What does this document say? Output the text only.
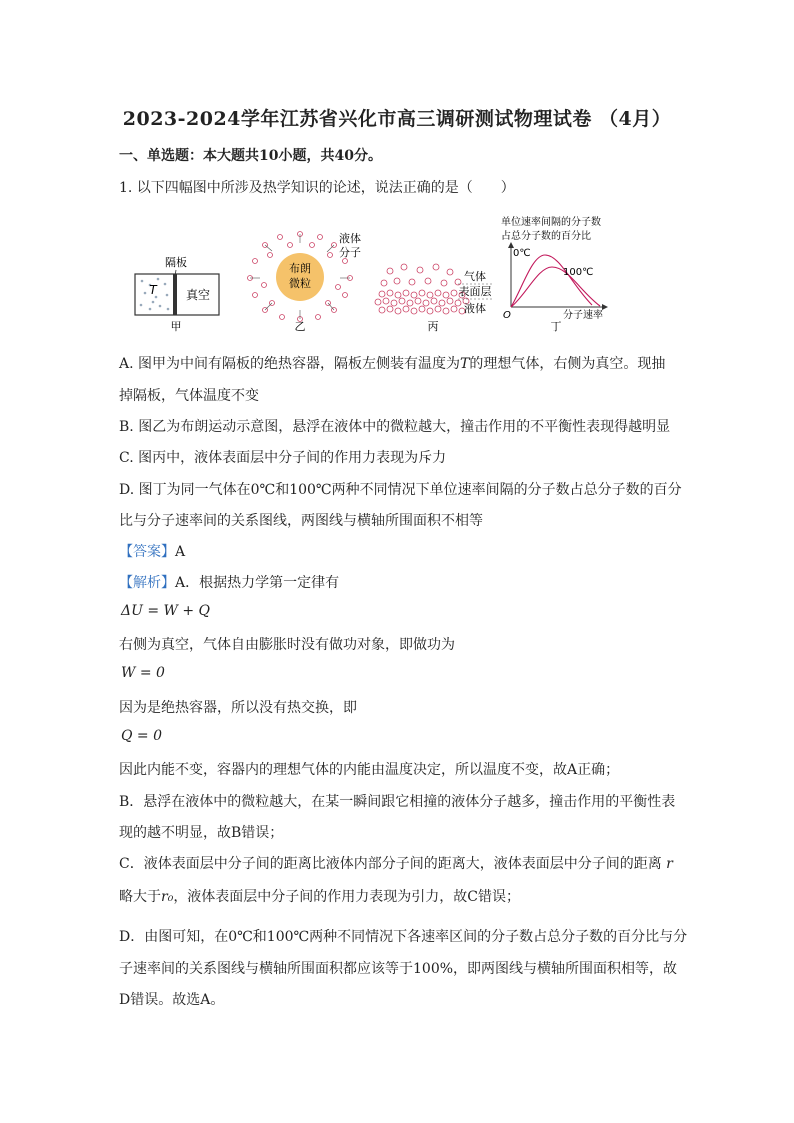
2023-2024学年江苏省兴化市高三调研测试物理试卷 （4月）
一、单选题：本大题共10小题，共40分。
1. 以下四幅图中所涉及热学知识的论述，说法正确的是（　　）
隔板
T 真空
甲
布朗
微粒
液体
分子
乙
气体
表面层
液体
丙
单位速率间隔的分子数
占总分子数的百分比
0℃
100℃
O	分子速率
丁
A. 图甲为中间有隔板的绝热容器，隔板左侧装有温度为T的理想气体，右侧为真空。现抽
掉隔板，气体温度不变
B. 图乙为布朗运动示意图，悬浮在液体中的微粒越大，撞击作用的不平衡性表现得越明显
C. 图丙中，液体表面层中分子间的作用力表现为斥力
D. 图丁为同一气体在0℃和100℃两种不同情况下单位速率间隔的分子数占总分子数的百分
比与分子速率间的关系图线，两图线与横轴所围面积不相等
【答案】A
【解析】A．根据热力学第一定律有
ΔU = W + Q
右侧为真空，气体自由膨胀时没有做功对象，即做功为
W = 0
因为是绝热容器，所以没有热交换，即
Q = 0
因此内能不变，容器内的理想气体的内能由温度决定，所以温度不变，故A正确；
B．悬浮在液体中的微粒越大，在某一瞬间跟它相撞的液体分子越多，撞击作用的平衡性表
现的越不明显，故B错误；
C．液体表面层中分子间的距离比液体内部分子间的距离大，液体表面层中分子间的距离 r
略大于r₀，液体表面层中分子间的作用力表现为引力，故C错误；
D．由图可知，在0℃和100℃两种不同情况下各速率区间的分子数占总分子数的百分比与分
子速率间的关系图线与横轴所围面积都应该等于100%，即两图线与横轴所围面积相等，故
D错误。故选A。
